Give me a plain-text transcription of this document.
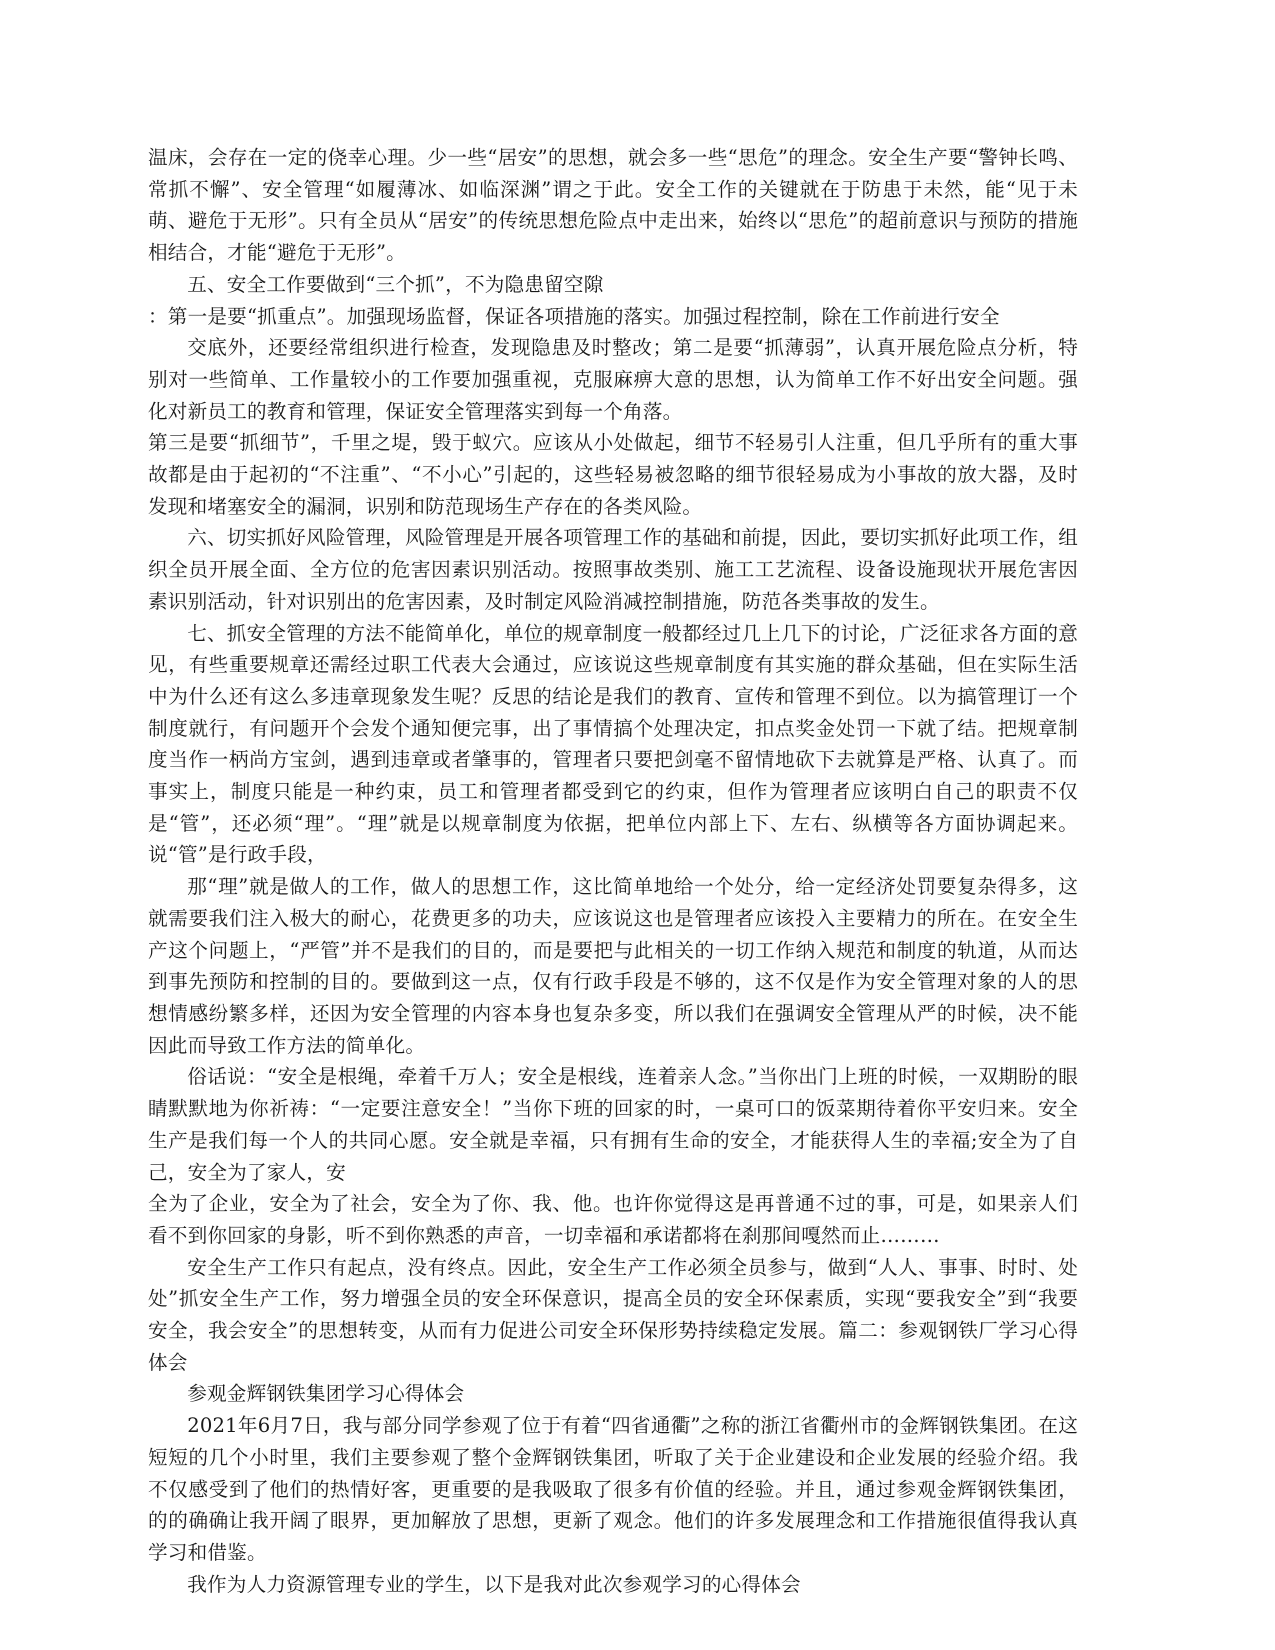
温床，会存在一定的侥幸心理。少一些“居安”的思想，就会多一些“思危”的理念。安全生产要“警钟长鸣、常抓不懈”、安全管理“如履薄冰、如临深渊”谓之于此。安全工作的关键就在于防患于未然，能“见于未萌、避危于无形”。只有全员从“居安”的传统思想危险点中走出来，始终以“思危”的超前意识与预防的措施相结合，才能“避危于无形”。

五、安全工作要做到“三个抓”，不为隐患留空隙

：第一是要“抓重点”。加强现场监督，保证各项措施的落实。加强过程控制，除在工作前进行安全

交底外，还要经常组织进行检查，发现隐患及时整改；第二是要“抓薄弱”，认真开展危险点分析，特别对一些简单、工作量较小的工作要加强重视，克服麻痹大意的思想，认为简单工作不好出安全问题。强化对新员工的教育和管理，保证安全管理落实到每一个角落。

第三是要“抓细节”，千里之堤，毁于蚁穴。应该从小处做起，细节不轻易引人注重，但几乎所有的重大事故都是由于起初的“不注重”、“不小心”引起的，这些轻易被忽略的细节很轻易成为小事故的放大器，及时发现和堵塞安全的漏洞，识别和防范现场生产存在的各类风险。

六、切实抓好风险管理，风险管理是开展各项管理工作的基础和前提，因此，要切实抓好此项工作，组织全员开展全面、全方位的危害因素识别活动。按照事故类别、施工工艺流程、设备设施现状开展危害因素识别活动，针对识别出的危害因素，及时制定风险消减控制措施，防范各类事故的发生。

七、抓安全管理的方法不能简单化，单位的规章制度一般都经过几上几下的讨论，广泛征求各方面的意见，有些重要规章还需经过职工代表大会通过，应该说这些规章制度有其实施的群众基础，但在实际生活中为什么还有这么多违章现象发生呢？反思的结论是我们的教育、宣传和管理不到位。以为搞管理订一个制度就行，有问题开个会发个通知便完事，出了事情搞个处理决定，扣点奖金处罚一下就了结。把规章制度当作一柄尚方宝剑，遇到违章或者肇事的，管理者只要把剑毫不留情地砍下去就算是严格、认真了。而事实上，制度只能是一种约束，员工和管理者都受到它的约束，但作为管理者应该明白自己的职责不仅是“管”，还必须“理”。“理”就是以规章制度为依据，把单位内部上下、左右、纵横等各方面协调起来。说“管”是行政手段，

那“理”就是做人的工作，做人的思想工作，这比简单地给一个处分，给一定经济处罚要复杂得多，这就需要我们注入极大的耐心，花费更多的功夫，应该说这也是管理者应该投入主要精力的所在。在安全生产这个问题上，“严管”并不是我们的目的，而是要把与此相关的一切工作纳入规范和制度的轨道，从而达到事先预防和控制的目的。要做到这一点，仅有行政手段是不够的，这不仅是作为安全管理对象的人的思想情感纷繁多样，还因为安全管理的内容本身也复杂多变，所以我们在强调安全管理从严的时候，决不能因此而导致工作方法的简单化。

俗话说：“安全是根绳，牵着千万人；安全是根线，连着亲人念。”当你出门上班的时候，一双期盼的眼睛默默地为你祈祷：“一定要注意安全！”当你下班的回家的时，一桌可口的饭菜期待着你平安归来。安全生产是我们每一个人的共同心愿。安全就是幸福，只有拥有生命的安全，才能获得人生的幸福;安全为了自己，安全为了家人，安

全为了企业，安全为了社会，安全为了你、我、他。也许你觉得这是再普通不过的事，可是，如果亲人们看不到你回家的身影，听不到你熟悉的声音，一切幸福和承诺都将在刹那间嘎然而止………

安全生产工作只有起点，没有终点。因此，安全生产工作必须全员参与，做到“人人、事事、时时、处处”抓安全生产工作，努力增强全员的安全环保意识，提高全员的安全环保素质，实现“要我安全”到“我要安全，我会安全”的思想转变，从而有力促进公司安全环保形势持续稳定发展。篇二：参观钢铁厂学习心得体会

参观金辉钢铁集团学习心得体会

2021年6月7日，我与部分同学参观了位于有着“四省通衢”之称的浙江省衢州市的金辉钢铁集团。在这短短的几个小时里，我们主要参观了整个金辉钢铁集团，听取了关于企业建设和企业发展的经验介绍。我不仅感受到了他们的热情好客，更重要的是我吸取了很多有价值的经验。并且，通过参观金辉钢铁集团，的的确确让我开阔了眼界，更加解放了思想，更新了观念。他们的许多发展理念和工作措施很值得我认真学习和借鉴。

我作为人力资源管理专业的学生，以下是我对此次参观学习的心得体会
